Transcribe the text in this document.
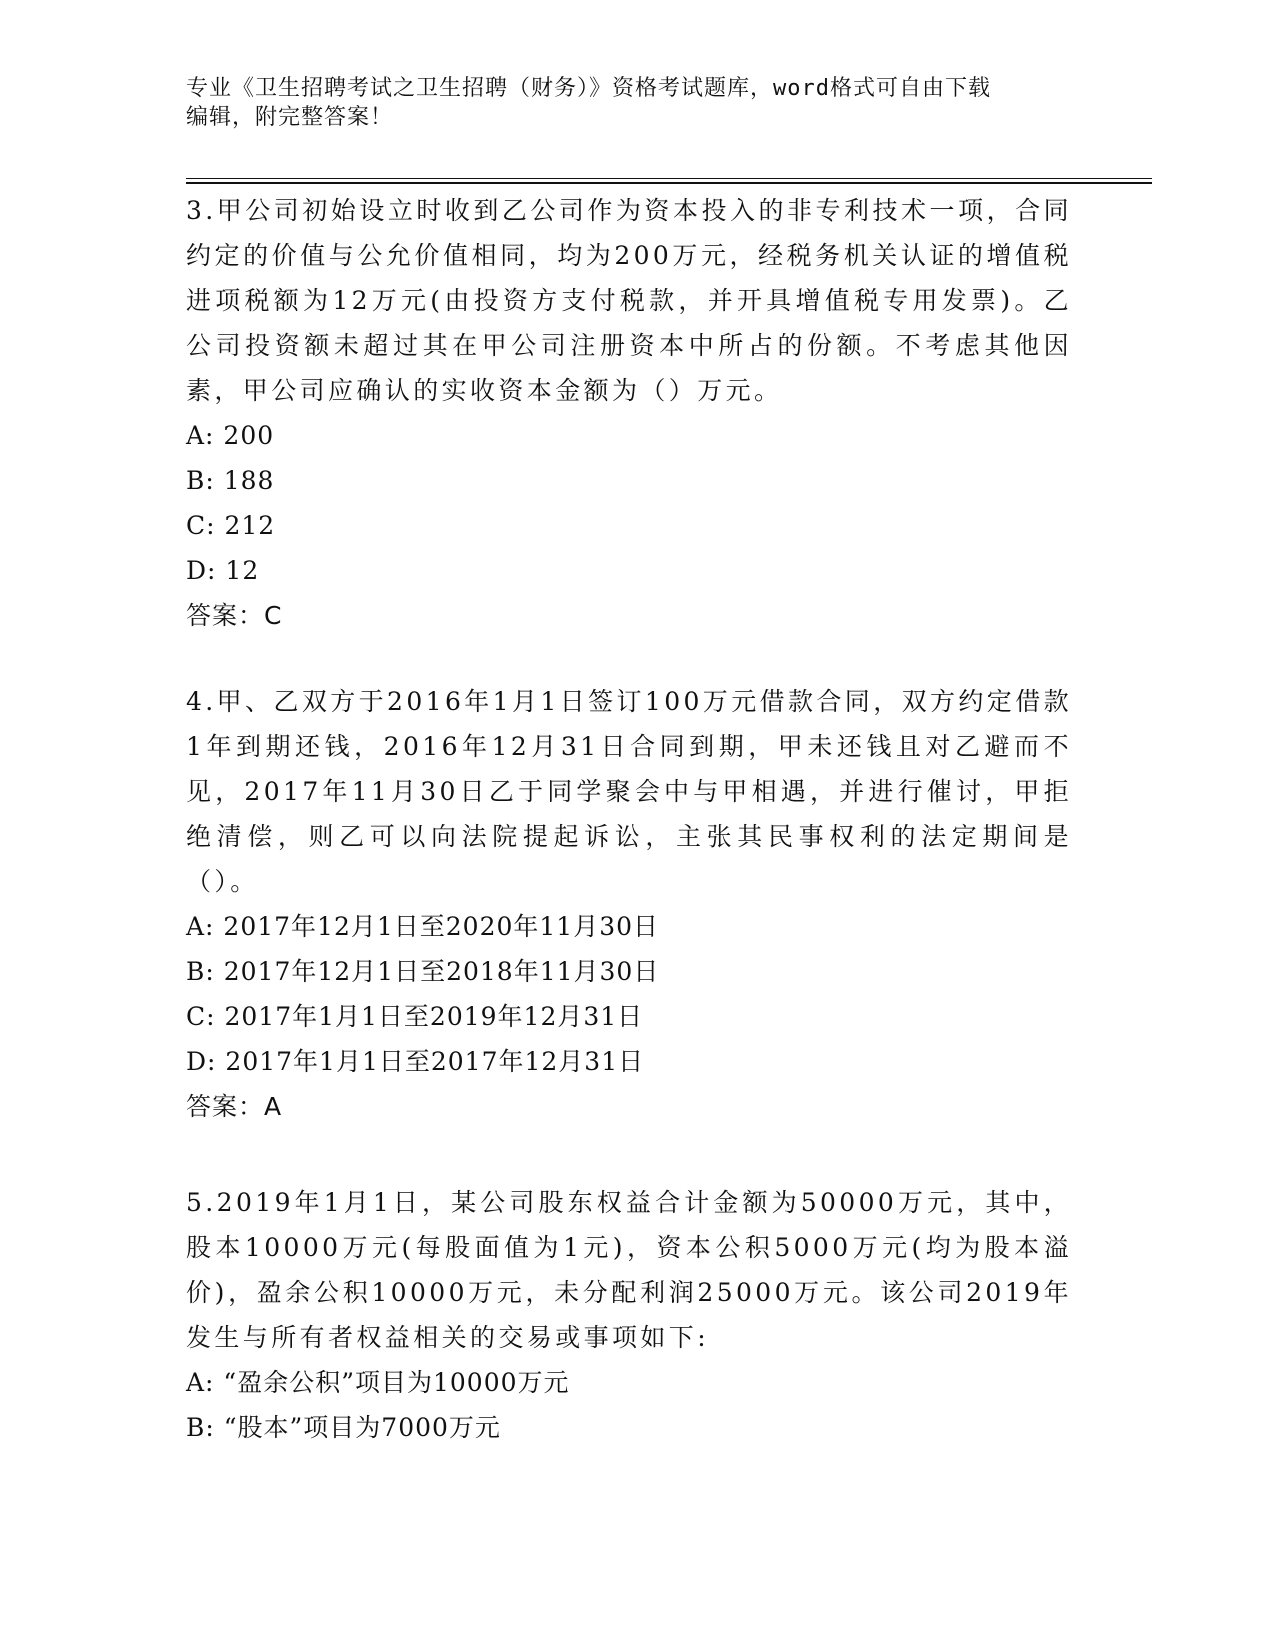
专业《卫生招聘考试之卫生招聘（财务）》资格考试题库，word格式可自由下载
编辑，附完整答案！

3.甲公司初始设立时收到乙公司作为资本投入的非专利技术一项，合同约定的价值与公允价值相同，均为200万元，经税务机关认证的增值税进项税额为12万元(由投资方支付税款，并开具增值税专用发票)。乙公司投资额未超过其在甲公司注册资本中所占的份额。不考虑其他因素，甲公司应确认的实收资本金额为（）万元。

A: 200

B: 188

C: 212

D: 12

答案：C

4.甲、乙双方于2016年1月1日签订100万元借款合同，双方约定借款1年到期还钱，2016年12月31日合同到期，甲未还钱且对乙避而不见，2017年11月30日乙于同学聚会中与甲相遇，并进行催讨，甲拒绝清偿，则乙可以向法院提起诉讼，主张其民事权利的法定期间是（）。

A: 2017年12月1日至2020年11月30日

B: 2017年12月1日至2018年11月30日

C: 2017年1月1日至2019年12月31日

D: 2017年1月1日至2017年12月31日

答案：A

5.2019年1月1日，某公司股东权益合计金额为50000万元，其中，股本10000万元(每股面值为1元)，资本公积5000万元(均为股本溢价)，盈余公积10000万元，未分配利润25000万元。该公司2019年发生与所有者权益相关的交易或事项如下:

A: “盈余公积”项目为10000万元

B: “股本”项目为7000万元
